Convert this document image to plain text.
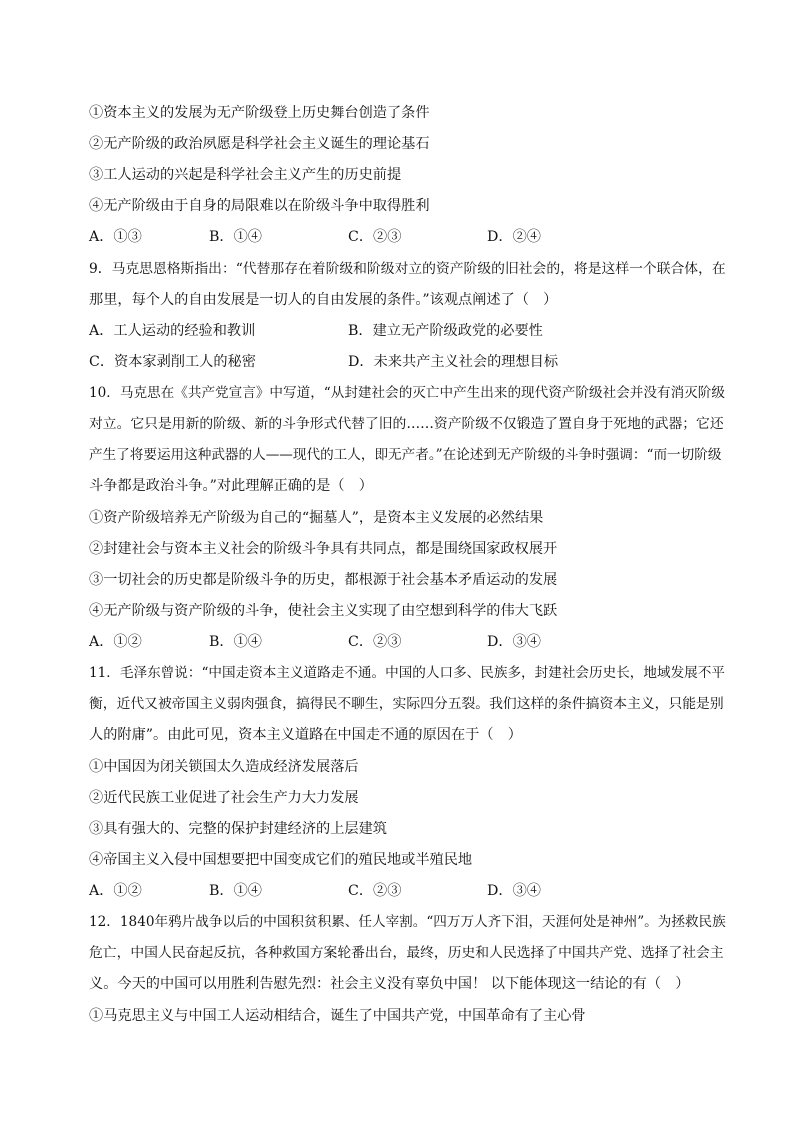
①资本主义的发展为无产阶级登上历史舞台创造了条件
②无产阶级的政治夙愿是科学社会主义诞生的理论基石
③工人运动的兴起是科学社会主义产生的历史前提
④无产阶级由于自身的局限难以在阶级斗争中取得胜利
A．①③	B．①④	C．②③	D．②④
9．马克思恩格斯指出：“代替那存在着阶级和阶级对立的资产阶级的旧社会的，将是这样一个联合体，在
那里，每个人的自由发展是一切人的自由发展的条件。”该观点阐述了（　）
A．工人运动的经验和教训	B．建立无产阶级政党的必要性
C．资本家剥削工人的秘密	D．未来共产主义社会的理想目标
10．马克思在《共产党宣言》中写道，“从封建社会的灭亡中产生出来的现代资产阶级社会并没有消灭阶级
对立。它只是用新的阶级、新的斗争形式代替了旧的……资产阶级不仅锻造了置自身于死地的武器；它还
产生了将要运用这种武器的人——现代的工人，即无产者。”在论述到无产阶级的斗争时强调：“而一切阶级
斗争都是政治斗争。”对此理解正确的是（　）
①资产阶级培养无产阶级为自己的“掘墓人”，是资本主义发展的必然结果
②封建社会与资本主义社会的阶级斗争具有共同点，都是围绕国家政权展开
③一切社会的历史都是阶级斗争的历史，都根源于社会基本矛盾运动的发展
④无产阶级与资产阶级的斗争，使社会主义实现了由空想到科学的伟大飞跃
A．①②	B．①④	C．②③	D．③④
11．毛泽东曾说：“中国走资本主义道路走不通。中国的人口多、民族多，封建社会历史长，地域发展不平
衡，近代又被帝国主义弱肉强食，搞得民不聊生，实际四分五裂。我们这样的条件搞资本主义，只能是别
人的附庸”。由此可见，资本主义道路在中国走不通的原因在于（　）
①中国因为闭关锁国太久造成经济发展落后
②近代民族工业促进了社会生产力大力发展
③具有强大的、完整的保护封建经济的上层建筑
④帝国主义入侵中国想要把中国变成它们的殖民地或半殖民地
A．①②	B．①④	C．②③	D．③④
12．1840年鸦片战争以后的中国积贫积累、任人宰割。“四万万人齐下泪，天涯何处是神州”。为拯救民族
危亡，中国人民奋起反抗，各种救国方案轮番出台，最终，历史和人民选择了中国共产党、选择了社会主
义。今天的中国可以用胜利告慰先烈：社会主义没有辜负中国！ 以下能体现这一结论的有（　）
①马克思主义与中国工人运动相结合，诞生了中国共产党，中国革命有了主心骨
